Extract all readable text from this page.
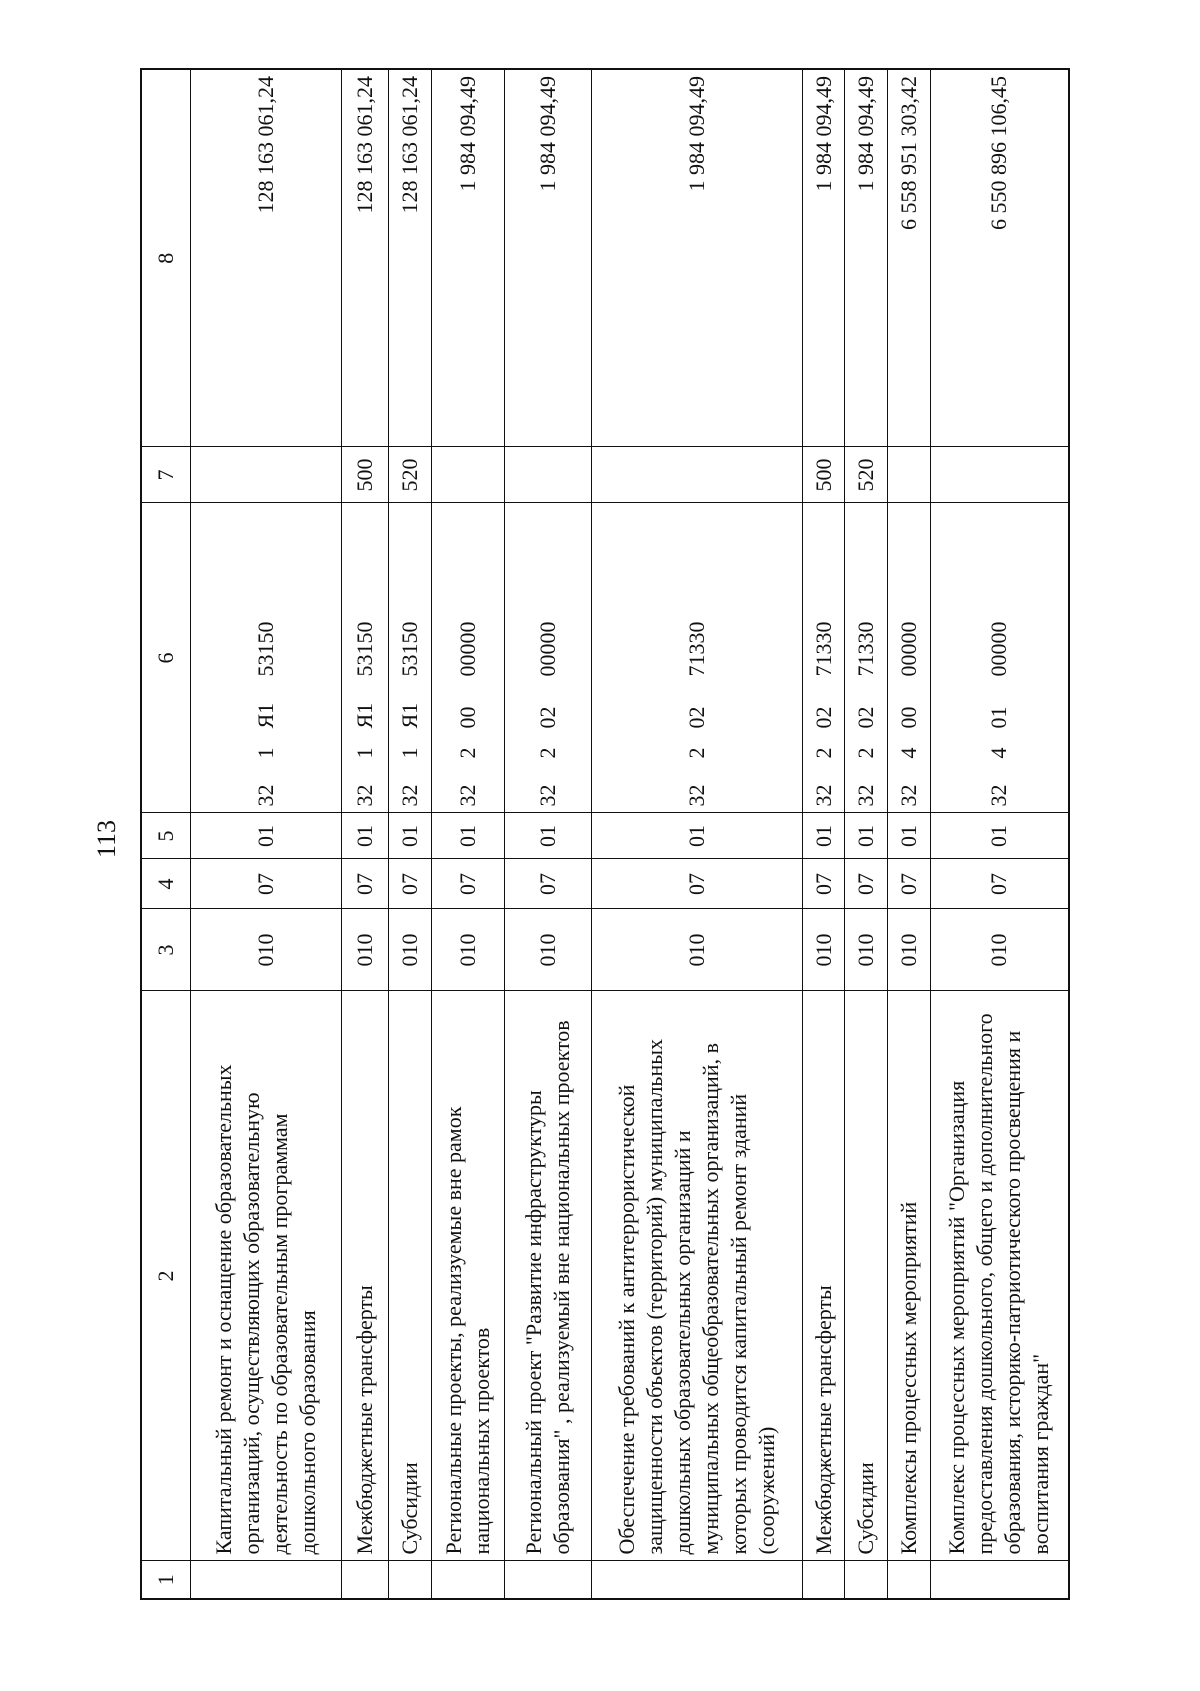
113
1	2	3	4	5	6	7	8
	Капитальный ремонт и оснащение образовательных организаций, осуществляющих образовательную деятельность по образовательным программам дошкольного образования	010	07	01	321Я153150		128 163 061,24
	Межбюджетные трансферты	010	07	01	321Я153150	500	128 163 061,24
	Субсидии	010	07	01	321Я153150	520	128 163 061,24
	Региональные проекты, реализуемые вне рамок национальных проектов	010	07	01	3220000000		1 984 094,49
	Региональный проект "Развитие инфраструктуры образования" , реализуемый вне национальных проектов	010	07	01	3220200000		1 984 094,49
	Обеспечение требований к антитеррористической защищенности объектов (территорий) муниципальных дошкольных образовательных организаций и муниципальных общеобразовательных организаций, в которых проводится капитальный ремонт зданий (сооружений)	010	07	01	3220271330		1 984 094,49
	Межбюджетные трансферты	010	07	01	3220271330	500	1 984 094,49
	Субсидии	010	07	01	3220271330	520	1 984 094,49
	Комплексы процессных мероприятий	010	07	01	3240000000		6 558 951 303,42
	Комплекс процессных мероприятий "Организация предоставления дошкольного, общего и дополнительного образования, историко-патриотического просвещения и воспитания граждан"	010	07	01	3240100000		6 550 896 106,45
